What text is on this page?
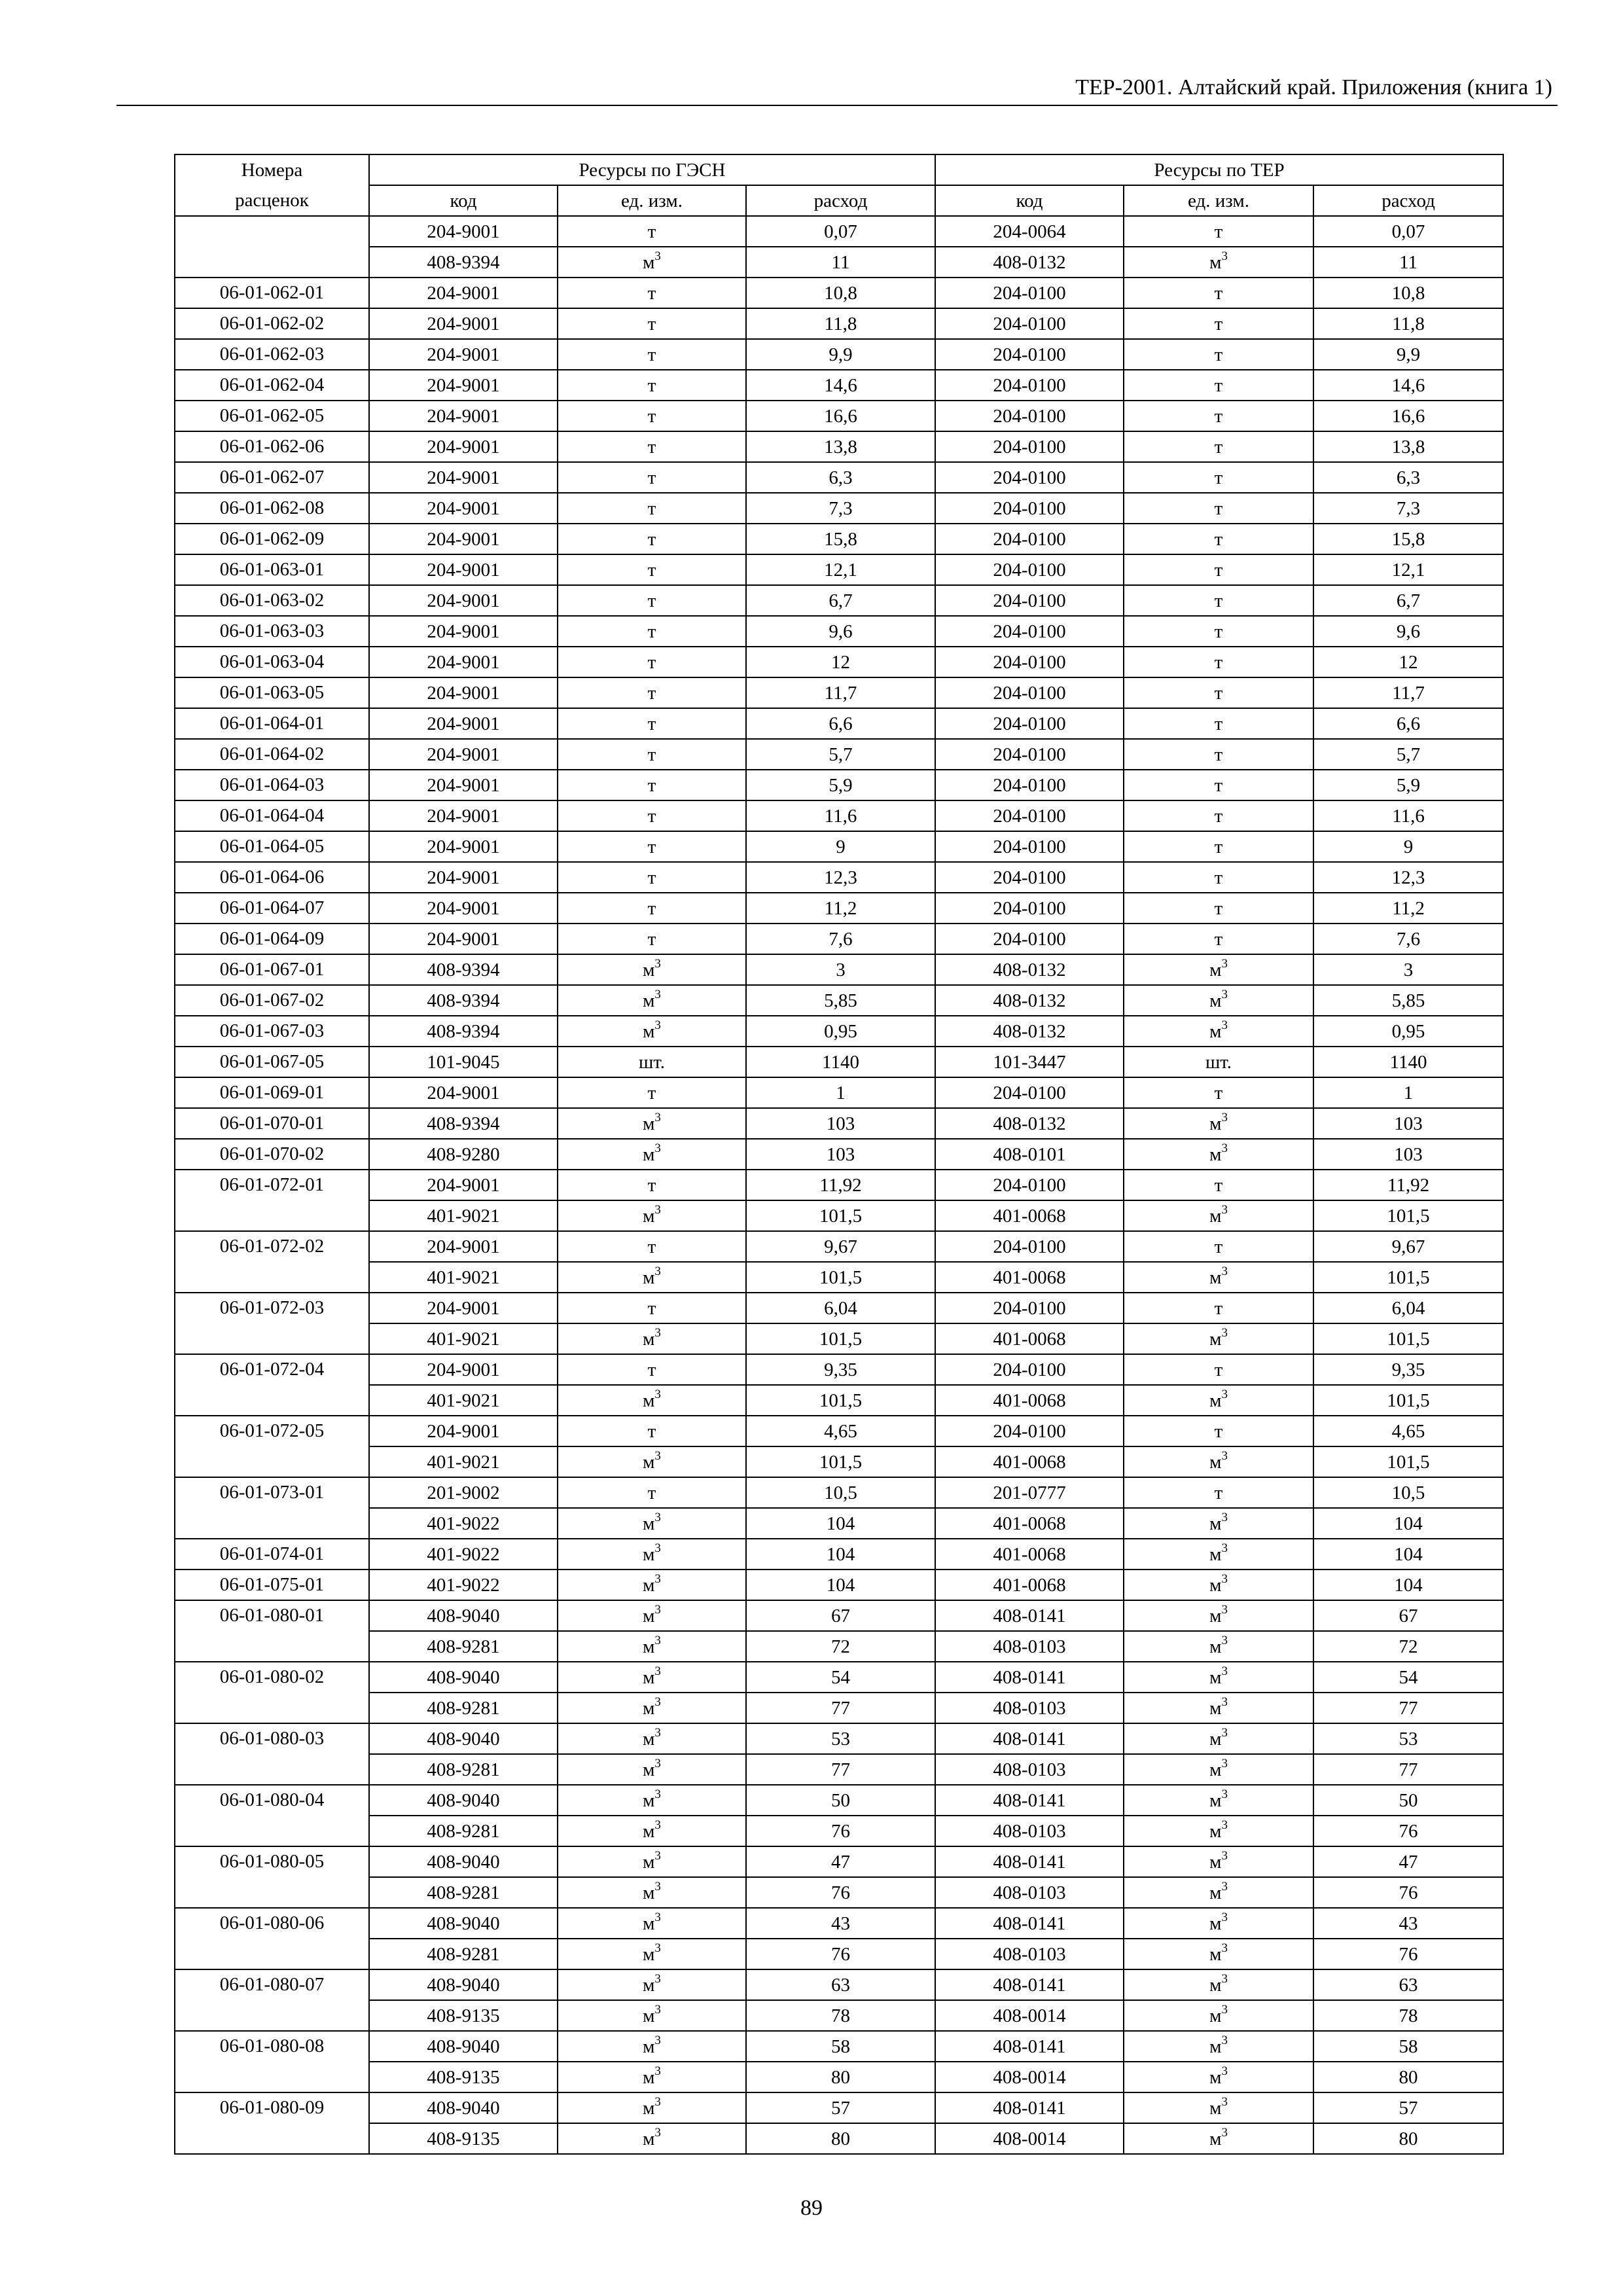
ТЕР-2001. Алтайский край. Приложения (книга 1)
Номера
расценок	Ресурсы по ГЭСН			Ресурсы по ТЕР		
	код	ед. изм.	расход	код	ед. изм.	расход
	204-9001	т	0,07	204-0064	т	0,07
	408-9394	$м^3$	11	408-0132	$м^3$	11
06-01-062-01	204-9001	т	10,8	204-0100	т	10,8
06-01-062-02	204-9001	т	11,8	204-0100	т	11,8
06-01-062-03	204-9001	т	9,9	204-0100	т	9,9
06-01-062-04	204-9001	т	14,6	204-0100	т	14,6
06-01-062-05	204-9001	т	16,6	204-0100	т	16,6
06-01-062-06	204-9001	т	13,8	204-0100	т	13,8
06-01-062-07	204-9001	т	6,3	204-0100	т	6,3
06-01-062-08	204-9001	т	7,3	204-0100	т	7,3
06-01-062-09	204-9001	т	15,8	204-0100	т	15,8
06-01-063-01	204-9001	т	12,1	204-0100	т	12,1
06-01-063-02	204-9001	т	6,7	204-0100	т	6,7
06-01-063-03	204-9001	т	9,6	204-0100	т	9,6
06-01-063-04	204-9001	т	12	204-0100	т	12
06-01-063-05	204-9001	т	11,7	204-0100	т	11,7
06-01-064-01	204-9001	т	6,6	204-0100	т	6,6
06-01-064-02	204-9001	т	5,7	204-0100	т	5,7
06-01-064-03	204-9001	т	5,9	204-0100	т	5,9
06-01-064-04	204-9001	т	11,6	204-0100	т	11,6
06-01-064-05	204-9001	т	9	204-0100	т	9
06-01-064-06	204-9001	т	12,3	204-0100	т	12,3
06-01-064-07	204-9001	т	11,2	204-0100	т	11,2
06-01-064-09	204-9001	т	7,6	204-0100	т	7,6
06-01-067-01	408-9394	$м^3$	3	408-0132	$м^3$	3
06-01-067-02	408-9394	$м^3$	5,85	408-0132	$м^3$	5,85
06-01-067-03	408-9394	$м^3$	0,95	408-0132	$м^3$	0,95
06-01-067-05	101-9045	шт.	1140	101-3447	шт.	1140
06-01-069-01	204-9001	т	1	204-0100	т	1
06-01-070-01	408-9394	$м^3$	103	408-0132	$м^3$	103
06-01-070-02	408-9280	$м^3$	103	408-0101	$м^3$	103
06-01-072-01	204-9001	т	11,92	204-0100	т	11,92
	401-9021	$м^3$	101,5	401-0068	$м^3$	101,5
06-01-072-02	204-9001	т	9,67	204-0100	т	9,67
	401-9021	$м^3$	101,5	401-0068	$м^3$	101,5
06-01-072-03	204-9001	т	6,04	204-0100	т	6,04
	401-9021	$м^3$	101,5	401-0068	$м^3$	101,5
06-01-072-04	204-9001	т	9,35	204-0100	т	9,35
	401-9021	$м^3$	101,5	401-0068	$м^3$	101,5
06-01-072-05	204-9001	т	4,65	204-0100	т	4,65
	401-9021	$м^3$	101,5	401-0068	$м^3$	101,5
06-01-073-01	201-9002	т	10,5	201-0777	т	10,5
	401-9022	$м^3$	104	401-0068	$м^3$	104
06-01-074-01	401-9022	$м^3$	104	401-0068	$м^3$	104
06-01-075-01	401-9022	$м^3$	104	401-0068	$м^3$	104
06-01-080-01	408-9040	$м^3$	67	408-0141	$м^3$	67
	408-9281	$м^3$	72	408-0103	$м^3$	72
06-01-080-02	408-9040	$м^3$	54	408-0141	$м^3$	54
	408-9281	$м^3$	77	408-0103	$м^3$	77
06-01-080-03	408-9040	$м^3$	53	408-0141	$м^3$	53
	408-9281	$м^3$	77	408-0103	$м^3$	77
06-01-080-04	408-9040	$м^3$	50	408-0141	$м^3$	50
	408-9281	$м^3$	76	408-0103	$м^3$	76
06-01-080-05	408-9040	$м^3$	47	408-0141	$м^3$	47
	408-9281	$м^3$	76	408-0103	$м^3$	76
06-01-080-06	408-9040	$м^3$	43	408-0141	$м^3$	43
	408-9281	$м^3$	76	408-0103	$м^3$	76
06-01-080-07	408-9040	$м^3$	63	408-0141	$м^3$	63
	408-9135	$м^3$	78	408-0014	$м^3$	78
06-01-080-08	408-9040	$м^3$	58	408-0141	$м^3$	58
	408-9135	$м^3$	80	408-0014	$м^3$	80
06-01-080-09	408-9040	$м^3$	57	408-0141	$м^3$	57
	408-9135	$м^3$	80	408-0014	$м^3$	80
89
